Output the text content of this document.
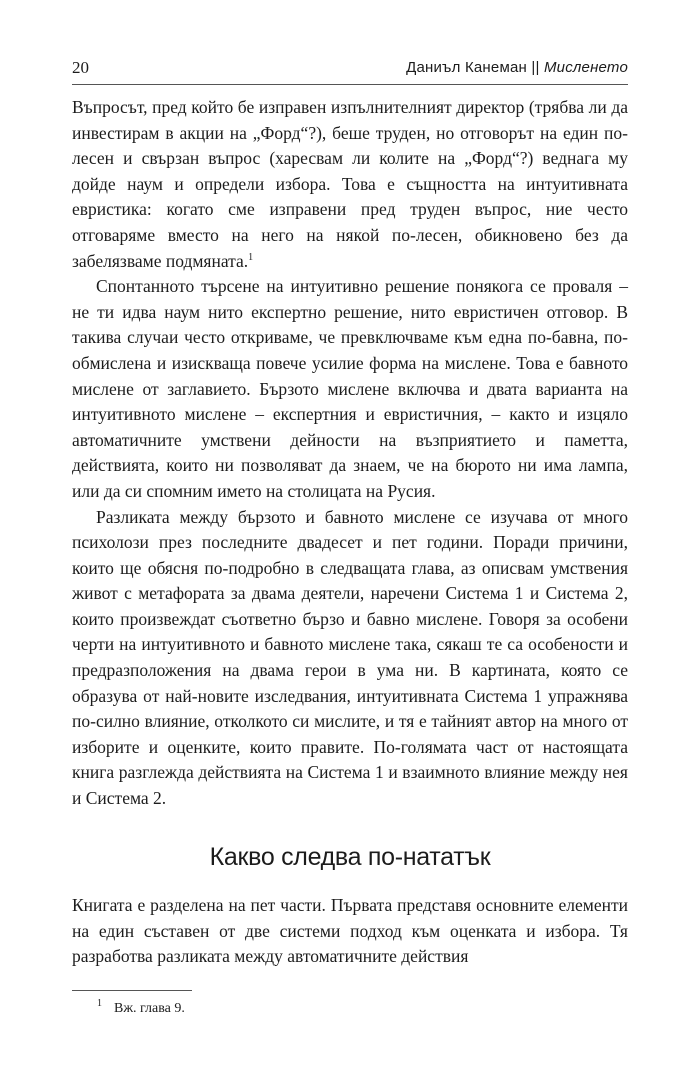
20	Даниъл Канеман || Мисленето

Въпросът, пред който бе изправен изпълнителният директор (трябва ли да инвестирам в акции на „Форд“?), беше труден, но отговорът на един по-лесен и свързан въпрос (харесвам ли колите на „Форд“?) веднага му дойде наум и определи избора. Това е същността на интуитивната евристика: когато сме изправени пред труден въпрос, ние често отговаряме вместо на него на някой по-лесен, обикновено без да забелязваме подмяната.$^1$

Спонтанното търсене на интуитивно решение понякога се проваля – не ти идва наум нито експертно решение, нито евристичен отговор. В такива случаи често откриваме, че превключваме към една по-бавна, по-обмислена и изискваща повече усилие форма на мислене. Това е бавното мислене от заглавието. Бързото мислене включва и двата варианта на интуитивното мислене – експертния и евристичния, – както и изцяло автоматичните умствени дейности на възприятието и паметта, действията, които ни позволяват да знаем, че на бюрото ни има лампа, или да си спомним името на столицата на Русия.

Разликата между бързото и бавното мислене се изучава от много психолози през последните двадесет и пет години. Поради причини, които ще обясня по-подробно в следващата глава, аз описвам умствения живот с метафората за двама деятели, наречени Система 1 и Система 2, които произвеждат съответно бързо и бавно мислене. Говоря за особени черти на интуитивното и бавното мислене така, сякаш те са особености и предразположения на двама герои в ума ни. В картината, която се образува от най-новите изследвания, интуитивната Система 1 упражнява по-силно влияние, отколкото си мислите, и тя е тайният автор на много от изборите и оценките, които правите. По-голямата част от настоящата книга разглежда действията на Система 1 и взаимното влияние между нея и Система 2.

Какво следва по-нататък

Книгата е разделена на пет части. Първата представя основните елементи на един съставен от две системи подход към оценката и избора. Тя разработва разликата между автоматичните действия

1 Вж. глава 9.
